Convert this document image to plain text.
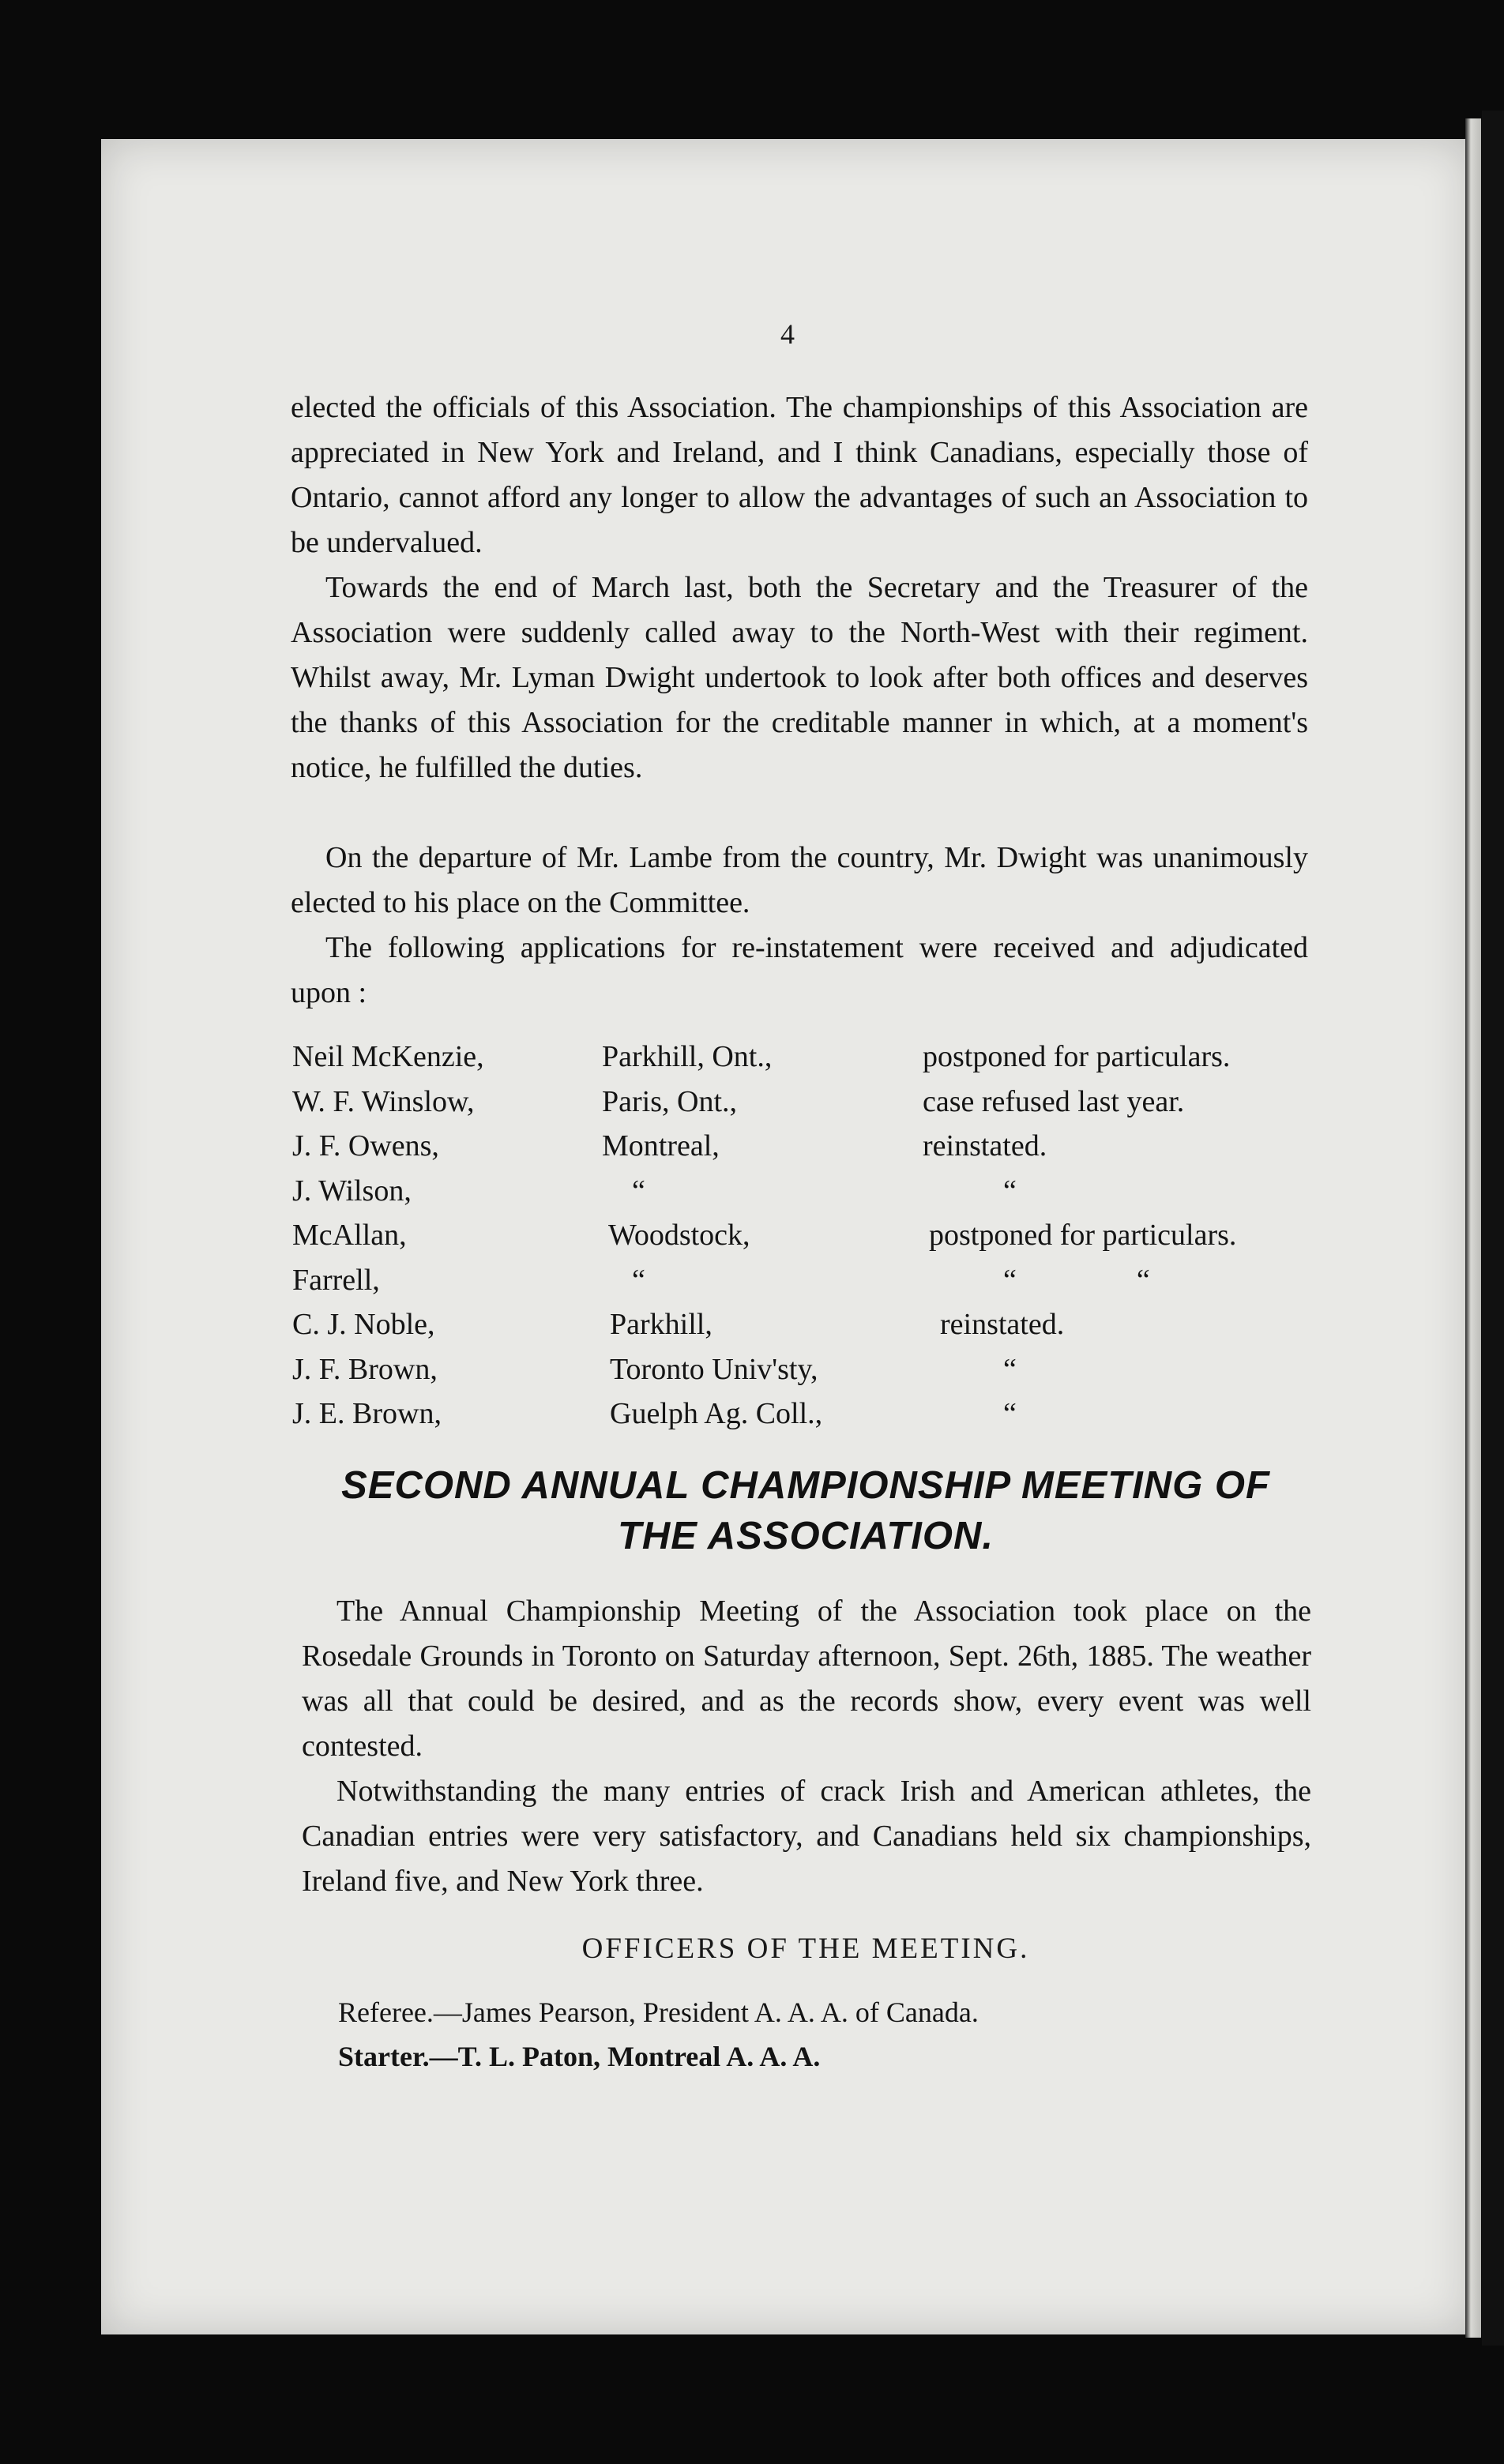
4

elected the officials of this Association. The championships of this Association are appreciated in New York and Ireland, and I think Canadians, especially those of Ontario, cannot afford any longer to allow the advantages of such an Association to be undervalued.

Towards the end of March last, both the Secretary and the Treasurer of the Association were suddenly called away to the North-West with their regiment. Whilst away, Mr. Lyman Dwight undertook to look after both offices and deserves the thanks of this Association for the creditable manner in which, at a moment's notice, he fulfilled the duties.

On the departure of Mr. Lambe from the country, Mr. Dwight was unanimously elected to his place on the Committee.

The following applications for re-instatement were received and adjudicated upon :

Neil McKenzie,	Parkhill, Ont.,	postponed for particulars.
W. F. Winslow,	Paris, Ont.,	case refused last year.
J. F. Owens,	Montreal,	reinstated.
J. Wilson,	“	“
McAllan,	Woodstock,	postponed for particulars.
Farrell,	“	“                “
C. J. Noble,	Parkhill,	reinstated.
J. F. Brown,	Toronto Univ'sty,	“
J. E. Brown,	Guelph Ag. Coll.,	“
SECOND ANNUAL CHAMPIONSHIP MEETING OF
THE ASSOCIATION.

The Annual Championship Meeting of the Association took place on the Rosedale Grounds in Toronto on Saturday afternoon, Sept. 26th, 1885. The weather was all that could be desired, and as the records show, every event was well contested.

Notwithstanding the many entries of crack Irish and American athletes, the Canadian entries were very satisfactory, and Canadians held six championships, Ireland five, and New York three.

OFFICERS OF THE MEETING.
Referee.—James Pearson, President A. A. A. of Canada.
Starter.—T. L. Paton, Montreal A. A. A.
